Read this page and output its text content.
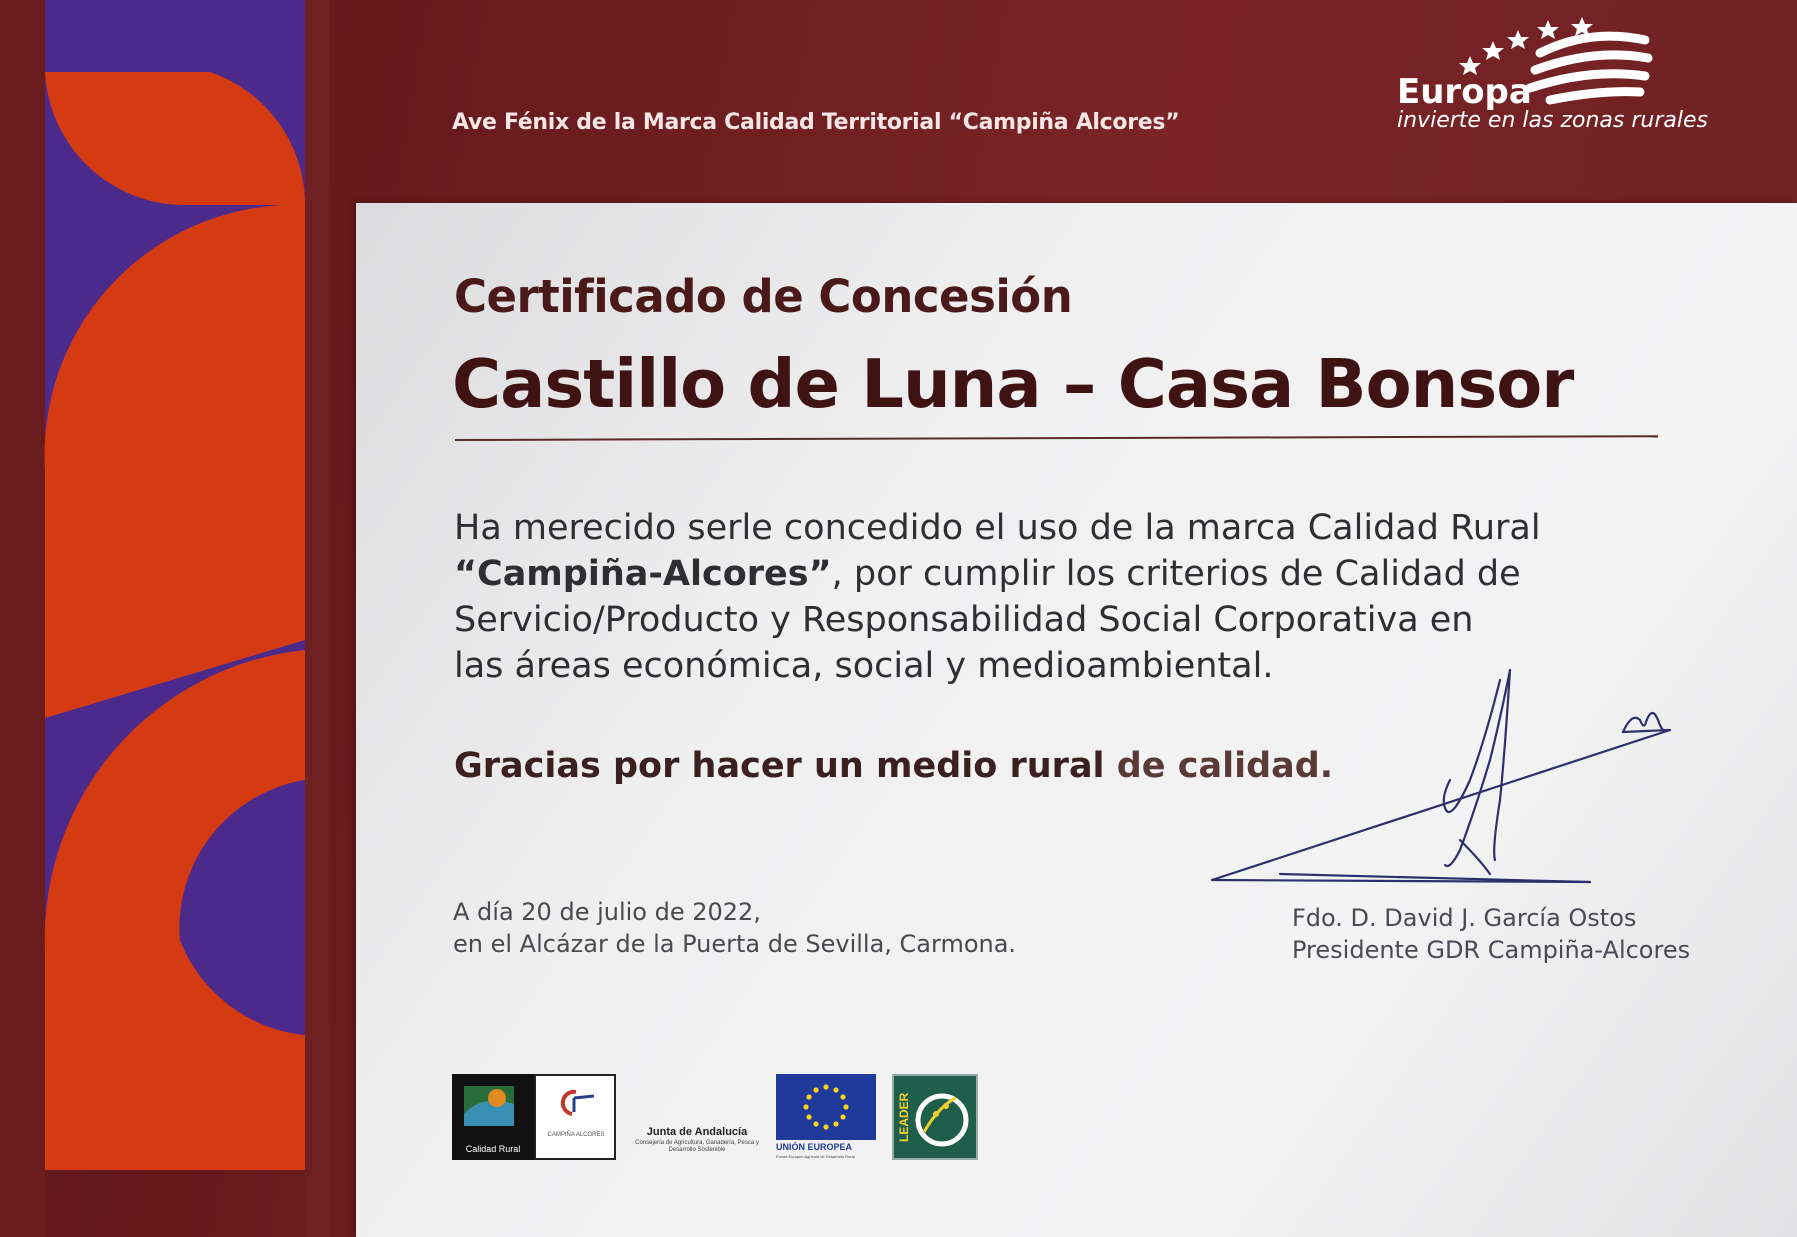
Ave Fénix de la Marca Calidad Territorial “Campiña Alcores”
Europa
invierte en las zonas rurales
Certificado de Concesión
Castillo de Luna – Casa Bonsor
Ha merecido serle concedido el uso de la marca Calidad Rural
“Campiña-Alcores”, por cumplir los criterios de Calidad de
Servicio/Producto y Responsabilidad Social Corporativa en
las áreas económica, social y medioambiental.
Gracias por hacer un medio rural de calidad.
A día 20 de julio de 2022,
en el Alcázar de la Puerta de Sevilla, Carmona.
Fdo. D. David J. García Ostos
Presidente GDR Campiña-Alcores
Calidad Rural
CAMPIÑA ALCORES	Junta de Andalucía
Consejería de Agricultura, Ganadería, Pesca y Desarrollo Sostenible	UNIÓN EUROPEA
Fondo Europeo Agrícola de Desarrollo Rural
LEADER
